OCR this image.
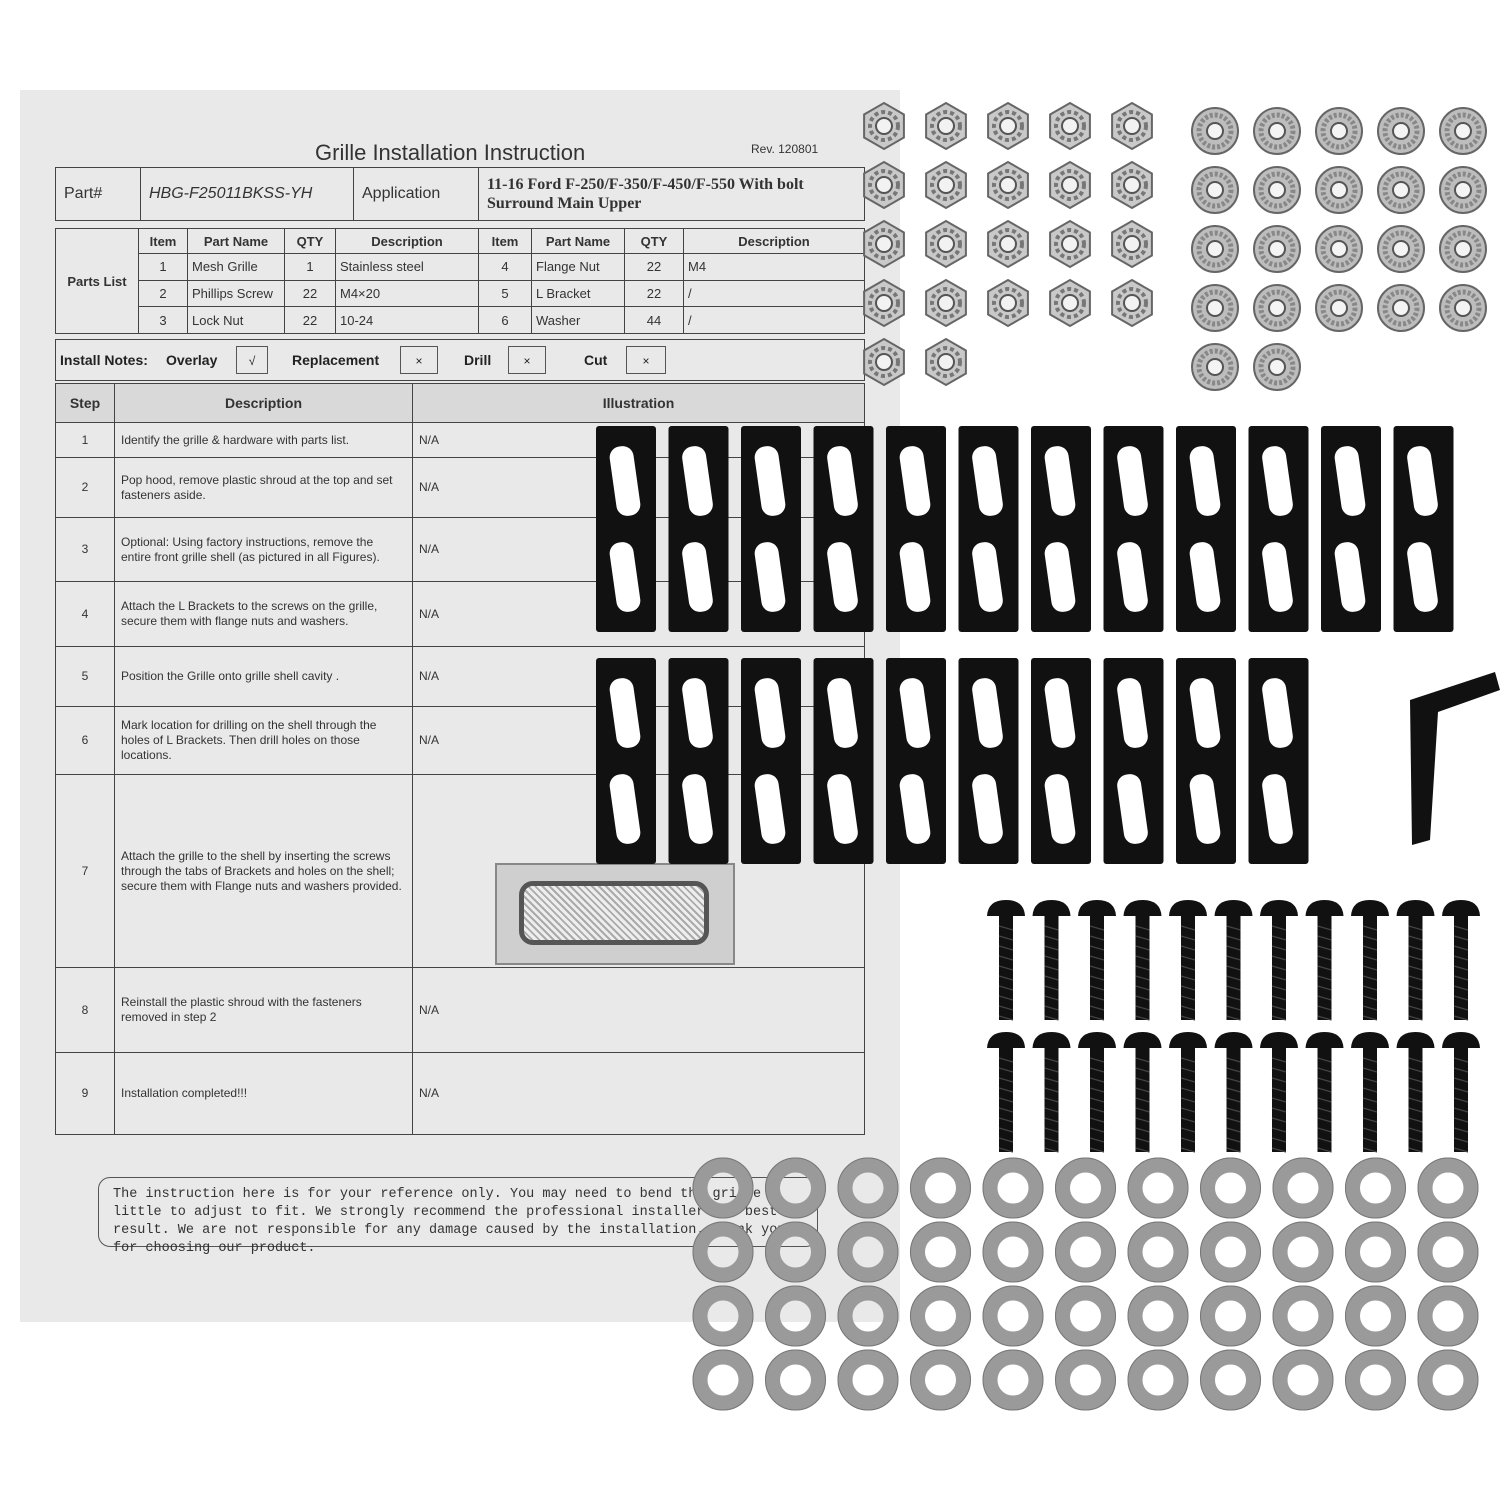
Grille Installation Instruction	Rev. 120801
Part#	HBG-F25011BKSS-YH	Application	11-16 Ford F-250/F-350/F-450/F-550 With bolt Surround Main Upper
Parts List	Item	Part Name	QTY	Description	Item	Part Name	QTY	Description
	1	Mesh Grille	1	Stainless steel	4	Flange Nut	22	M4
	2	Phillips Screw	22	M4×20	5	L Bracket	22	/
	3	Lock Nut	22	10-24	6	Washer	44	/
Install Notes: Overlay	√	Replacement	×	Drill	×	Cut	×
Step	Description	Illustration
1	Identify the grille & hardware with parts list.	N/A
2	Pop hood, remove plastic shroud at the top and set fasteners aside.	N/A
3	Optional: Using factory instructions, remove the entire front grille shell (as pictured in all Figures).	N/A
4	Attach the L Brackets to the screws on the grille, secure them with flange nuts and washers.	N/A
5	Position the Grille onto grille shell cavity .	N/A
6	Mark location for drilling on the shell through the holes of L Brackets. Then drill holes on those locations.	N/A
7	Attach the grille to the shell by inserting the screws through the tabs of Brackets and holes on the shell; secure them with Flange nuts and washers provided.	
8	Reinstall the plastic shroud with the fasteners removed in step 2	N/A
9	Installation completed!!!	N/A
The instruction here is for your reference only. You may need to bend the grille a little to adjust to fit. We strongly recommend the professional installer for best result. We are not responsible for any damage caused by the installation. Thank you for choosing our product.
